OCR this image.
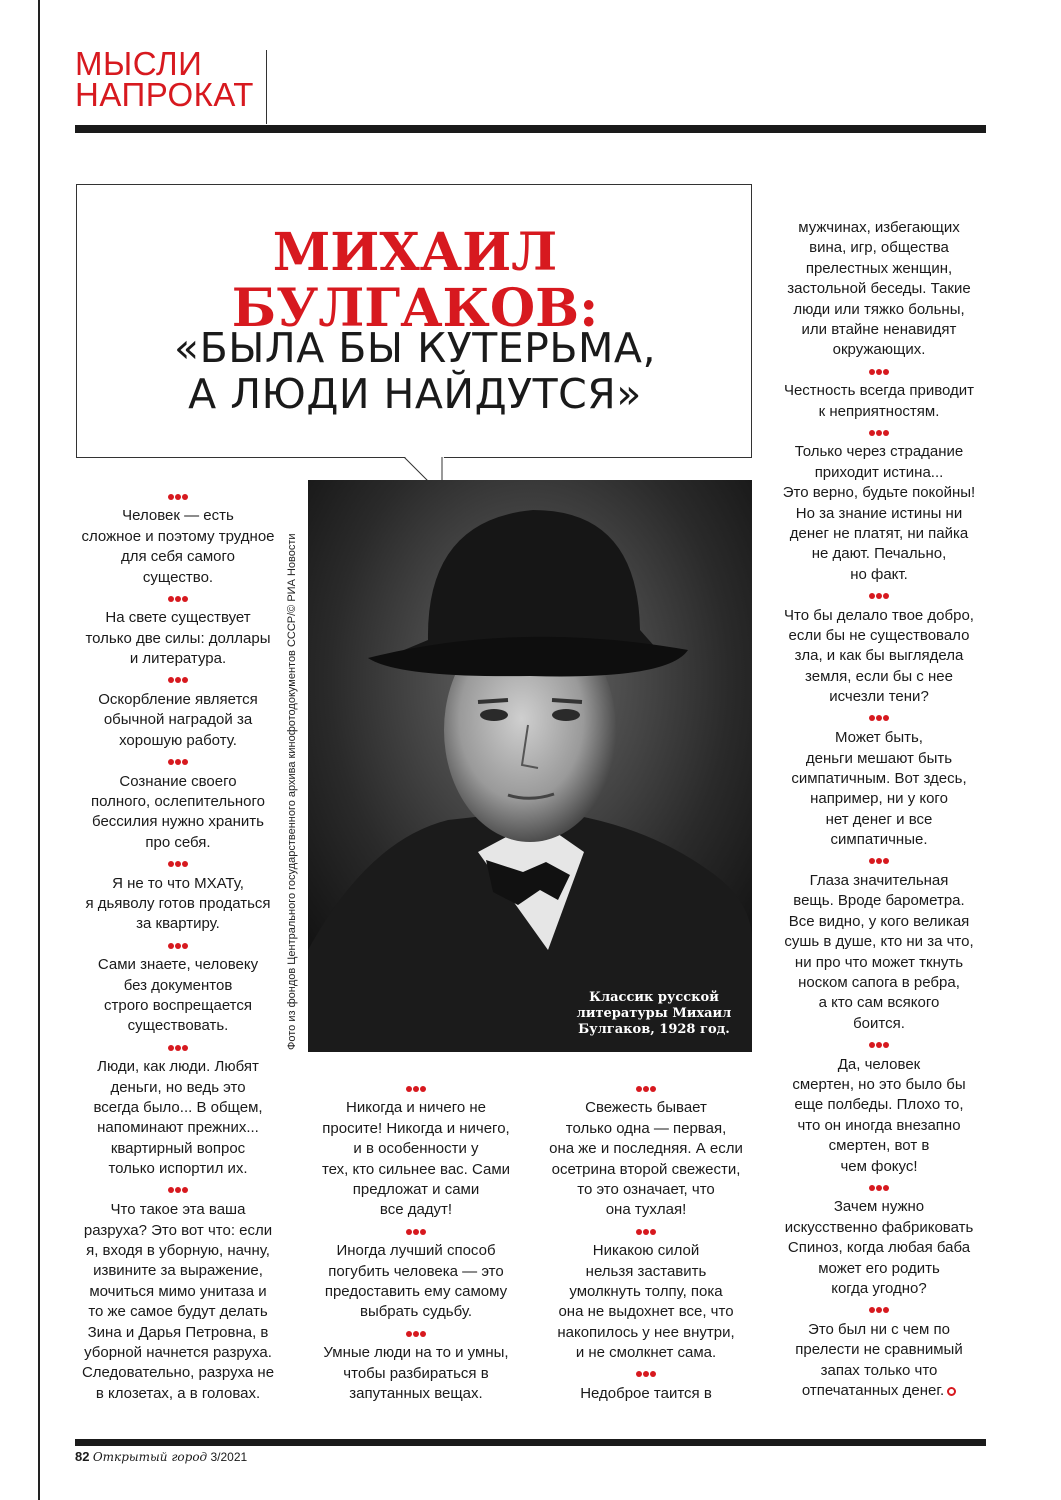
МЫСЛИ
НАПРОКАТ
МИХАИЛ
БУЛГАКОВ:
«БЫЛА БЫ КУТЕРЬМА,
А ЛЮДИ НАЙДУТСЯ»
Фото из фондов Центрального государственного архива кинофотодокументов СССР/© РИА Новости	Классик русской литературы Михаил Булгаков, 1928 год.

Человек — есть
сложное и поэтому трудное
для себя самого
существо.

На свете существует
только две силы: доллары
и литература.

Оскорбление является
обычной наградой за
хорошую работу.

Сознание своего
полного, ослепительного
бессилия нужно хранить
про себя.

Я не то что МХАТу,
я дьяволу готов продаться
за квартиру.

Сами знаете, человеку
без документов
строго воспрещается
существовать.

Люди, как люди. Любят
деньги, но ведь это
всегда было... В общем,
напоминают прежних...
квартирный вопрос
только испортил их.

Что такое эта ваша
разруха? Это вот что: если
я, входя в уборную, начну,
извините за выражение,
мочиться мимо унитаза и
то же самое будут делать
Зина и Дарья Петровна, в
уборной начнется разруха.
Следовательно, разруха не
в клозетах, а в головах.

Никогда и ничего не
просите! Никогда и ничего,
и в особенности у
тех, кто сильнее вас. Сами
предложат и сами
все дадут!

Иногда лучший способ
погубить человека — это
предоставить ему самому
выбрать судьбу.

Умные люди на то и умны,
чтобы разбираться в
запутанных вещах.

Свежесть бывает
только одна — первая,
она же и последняя. А если
осетрина второй свежести,
то это означает, что
она тухлая!

Никакою силой
нельзя заставить
умолкнуть толпу, пока
она не выдохнет все, что
накопилось у нее внутри,
и не смолкнет сама.

Недоброе таится в

мужчинах, избегающих
вина, игр, общества
прелестных женщин,
застольной беседы. Такие
люди или тяжко больны,
или втайне ненавидят
окружающих.

Честность всегда приводит
к неприятностям.

Только через страдание
приходит истина...
Это верно, будьте покойны!
Но за знание истины ни
денег не платят, ни пайка
не дают. Печально,
но факт.

Что бы делало твое добро,
если бы не существовало
зла, и как бы выглядела
земля, если бы с нее
исчезли тени?

Может быть,
деньги мешают быть
симпатичным. Вот здесь,
например, ни у кого
нет денег и все
симпатичные.

Глаза значительная
вещь. Вроде барометра.
Все видно, у кого великая
сушь в душе, кто ни за что,
ни про что может ткнуть
носком сапога в ребра,
а кто сам всякого
боится.

Да, человек
смертен, но это было бы
еще полбеды. Плохо то,
что он иногда внезапно
смертен, вот в
чем фокус!

Зачем нужно
искусственно фабриковать
Спиноз, когда любая баба
может его родить
когда угодно?

Это был ни с чем по
прелести не сравнимый
запах только что
отпечатанных денег.

82 Открытый город 3/2021
